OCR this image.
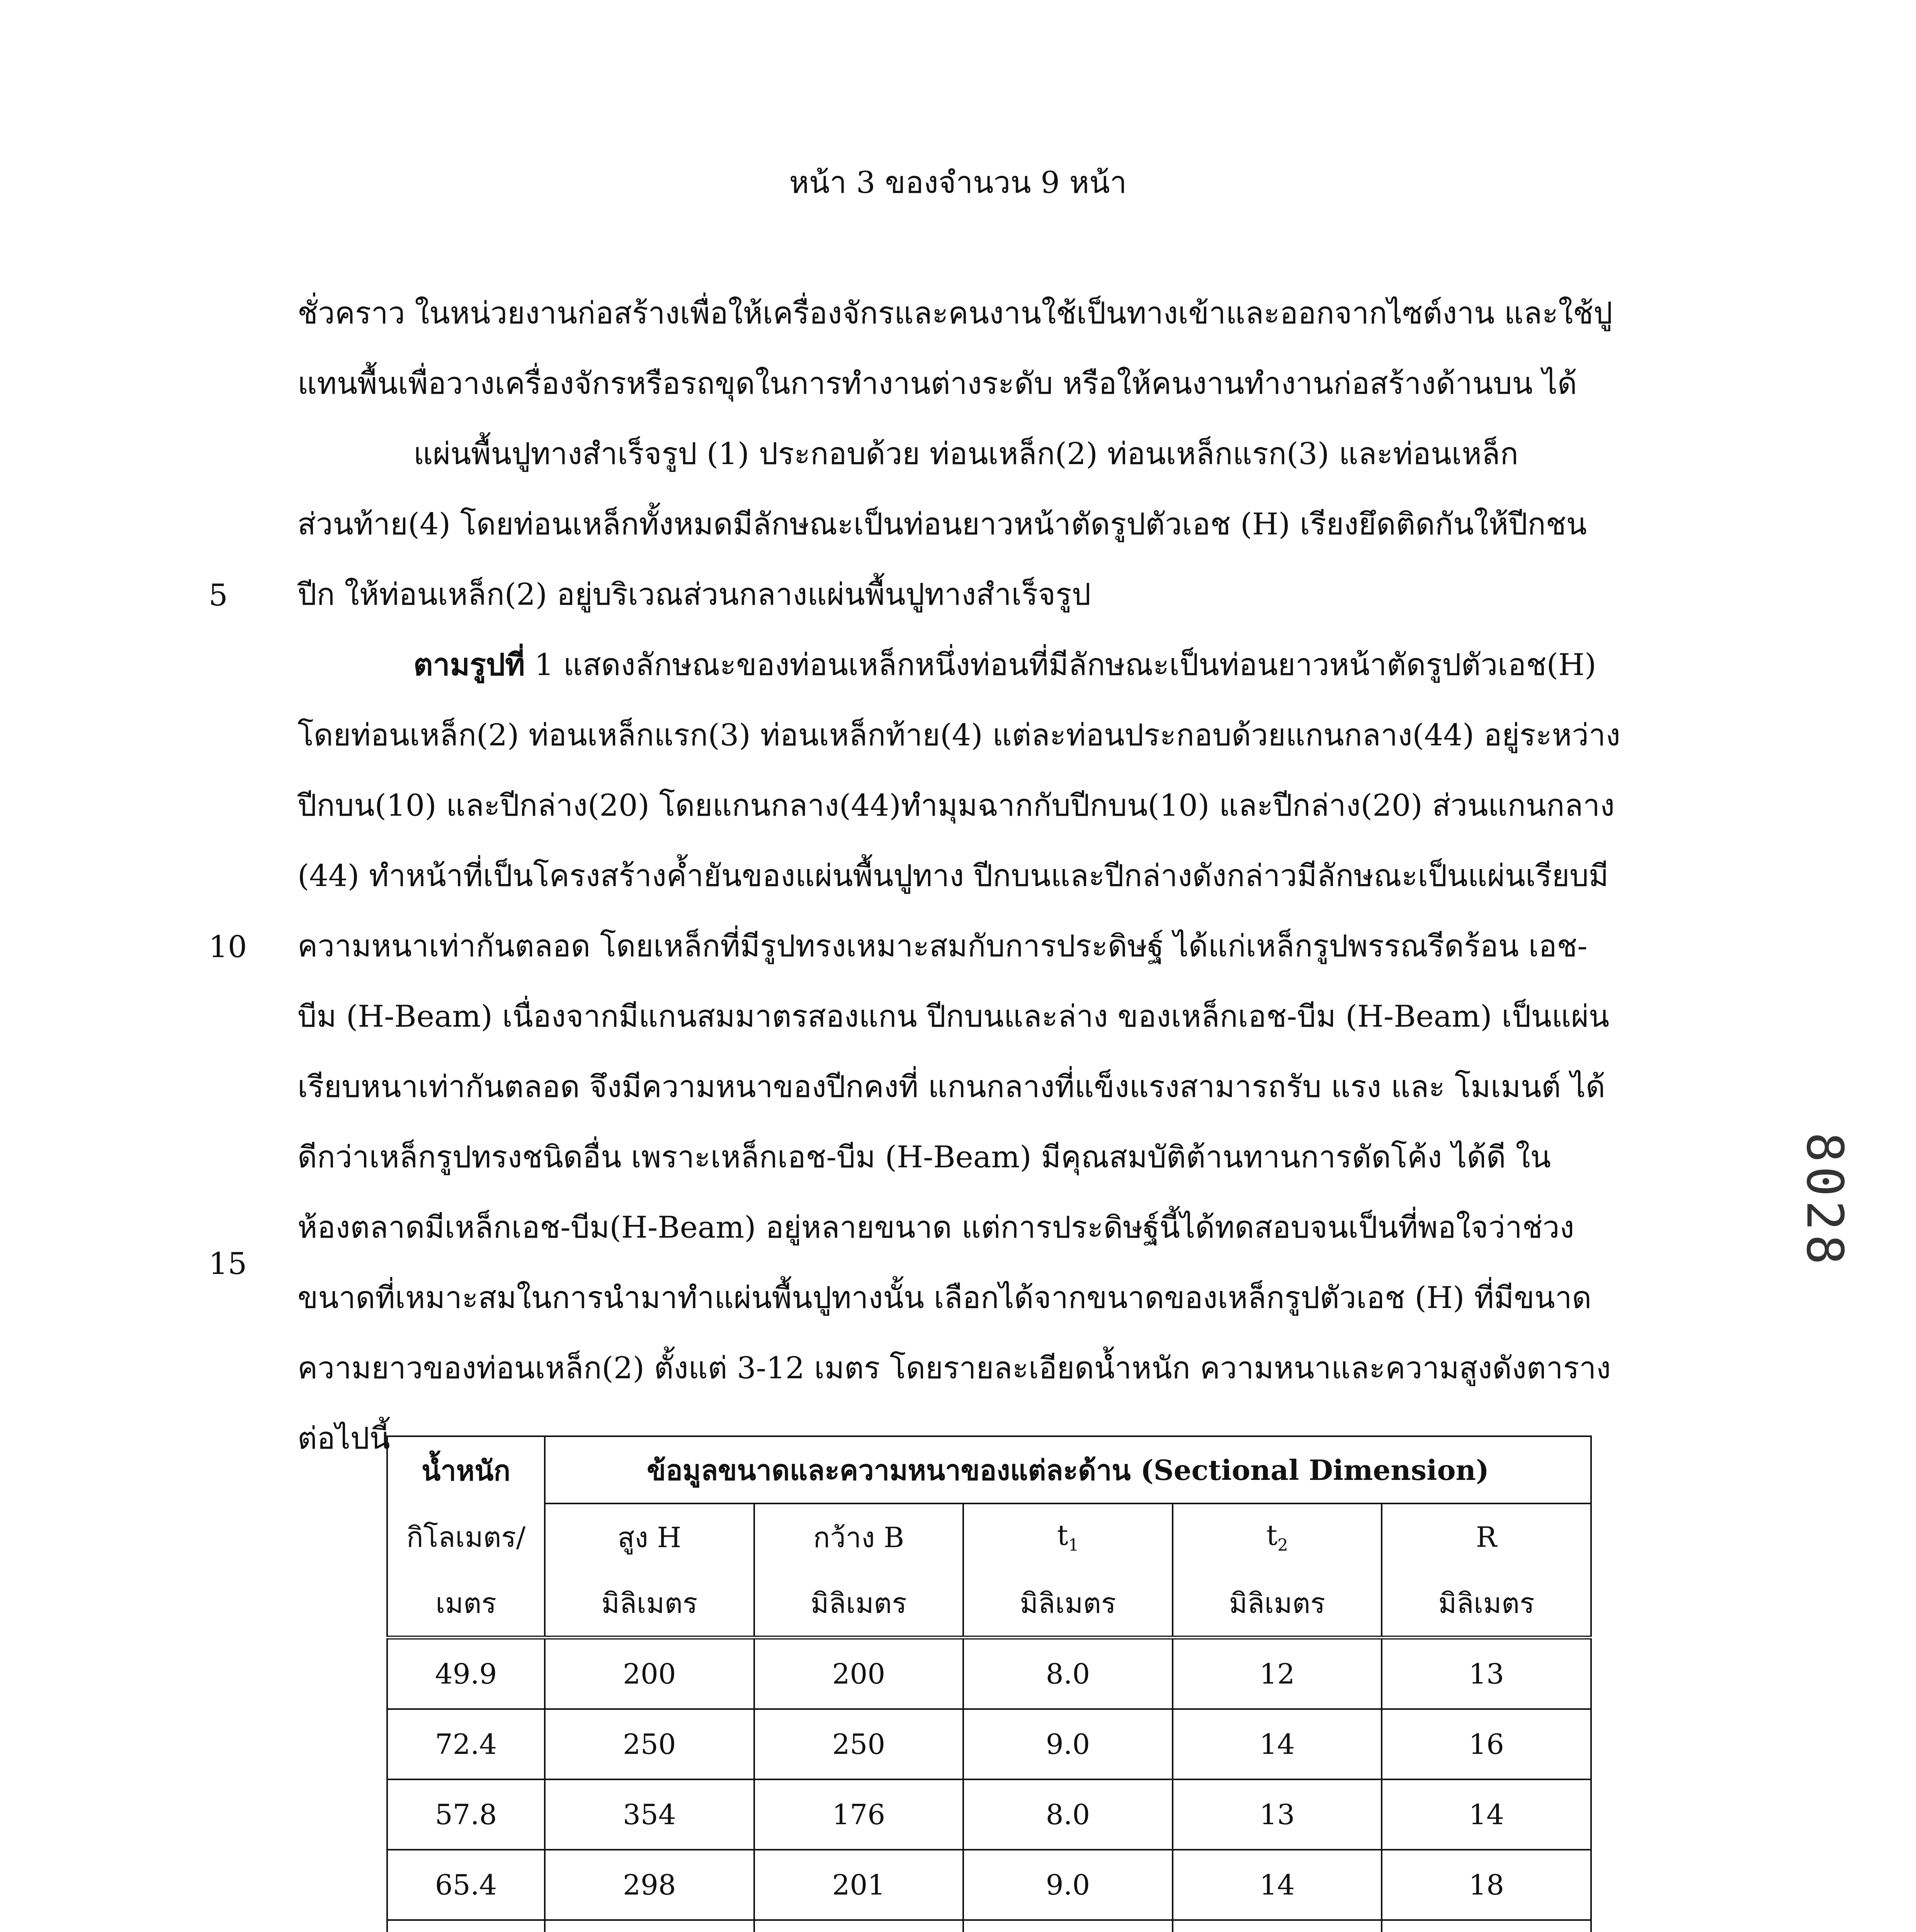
หน้า 3 ของจำนวน 9 หน้า
5
10
15
ชั่วคราว ในหน่วยงานก่อสร้างเพื่อให้เครื่องจักรและคนงานใช้เป็นทางเข้าและออกจากไซต์งาน และใช้ปู
แทนพื้นเพื่อวางเครื่องจักรหรือรถขุดในการทำงานต่างระดับ หรือให้คนงานทำงานก่อสร้างด้านบน ได้
แผ่นพื้นปูทางสำเร็จรูป (1) ประกอบด้วย ท่อนเหล็ก(2) ท่อนเหล็กแรก(3) และท่อนเหล็ก
ส่วนท้าย(4) โดยท่อนเหล็กทั้งหมดมีลักษณะเป็นท่อนยาวหน้าตัดรูปตัวเอช (H) เรียงยึดติดกันให้ปีกชน
ปีก ให้ท่อนเหล็ก(2) อยู่บริเวณส่วนกลางแผ่นพื้นปูทางสำเร็จรูป
ตามรูปที่ 1 แสดงลักษณะของท่อนเหล็กหนึ่งท่อนที่มีลักษณะเป็นท่อนยาวหน้าตัดรูปตัวเอช(H)
โดยท่อนเหล็ก(2) ท่อนเหล็กแรก(3) ท่อนเหล็กท้าย(4) แต่ละท่อนประกอบด้วยแกนกลาง(44) อยู่ระหว่าง
ปีกบน(10) และปีกล่าง(20) โดยแกนกลาง(44)ทำมุมฉากกับปีกบน(10) และปีกล่าง(20) ส่วนแกนกลาง
(44) ทำหน้าที่เป็นโครงสร้างค้ำยันของแผ่นพื้นปูทาง ปีกบนและปีกล่างดังกล่าวมีลักษณะเป็นแผ่นเรียบมี
ความหนาเท่ากันตลอด โดยเหล็กที่มีรูปทรงเหมาะสมกับการประดิษฐ์ ได้แก่เหล็กรูปพรรณรีดร้อน เอช-
บีม (H-Beam) เนื่องจากมีแกนสมมาตรสองแกน ปีกบนและล่าง ของเหล็กเอช-บีม (H-Beam) เป็นแผ่น
เรียบหนาเท่ากันตลอด จึงมีความหนาของปีกคงที่ แกนกลางที่แข็งแรงสามารถรับ แรง และ โมเมนต์ ได้
ดีกว่าเหล็กรูปทรงชนิดอื่น เพราะเหล็กเอช-บีม (H-Beam) มีคุณสมบัติต้านทานการดัดโค้ง ได้ดี ใน
ห้องตลาดมีเหล็กเอช-บีม(H-Beam) อยู่หลายขนาด แต่การประดิษฐ์นี้ได้ทดสอบจนเป็นที่พอใจว่าช่วง
ขนาดที่เหมาะสมในการนำมาทำแผ่นพื้นปูทางนั้น เลือกได้จากขนาดของเหล็กรูปตัวเอช (H) ที่มีขนาด
ความยาวของท่อนเหล็ก(2) ตั้งแต่ 3-12 เมตร โดยรายละเอียดน้ำหนัก ความหนาและความสูงดังตาราง
ต่อไปนี้
น้ำหนัก	ข้อมูลขนาดและความหนาของแต่ละด้าน (Sectional Dimension)				
กิโลเมตร/	สูง H	กว้าง B	$t_1$	$t_2$	R
เมตร	มิลิเมตร	มิลิเมตร	มิลิเมตร	มิลิเมตร	มิลิเมตร
49.9	200	200	8.0	12	13
72.4	250	250	9.0	14	16
57.8	354	176	8.0	13	14
65.4	298	201	9.0	14	18

8028
